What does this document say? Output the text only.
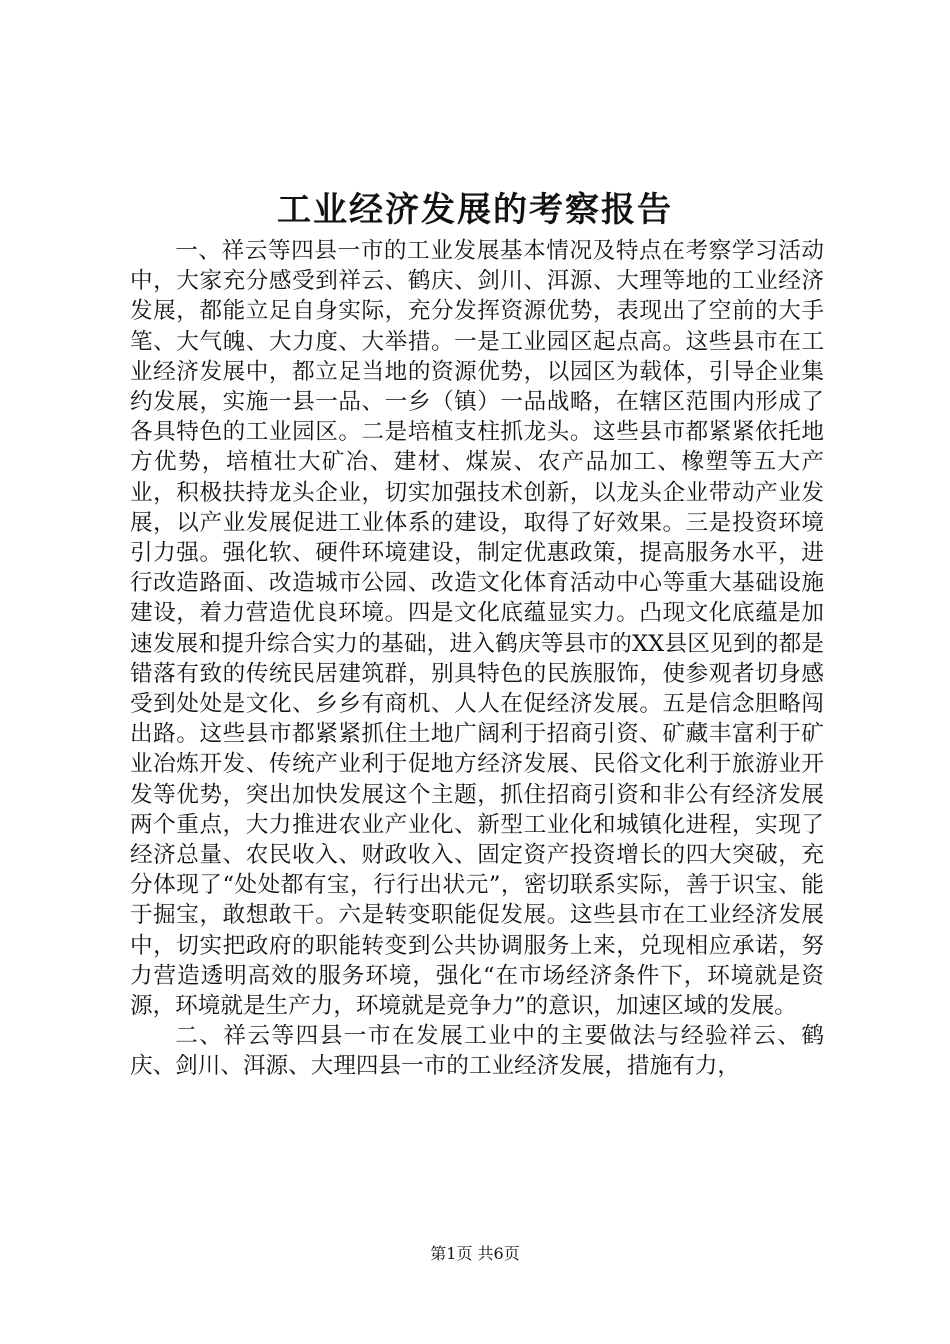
工业经济发展的考察报告

一、祥云等四县一市的工业发展基本情况及特点在考察学习活动中，大家充分感受到祥云、鹤庆、剑川、洱源、大理等地的工业经济发展，都能立足自身实际，充分发挥资源优势，表现出了空前的大手笔、大气魄、大力度、大举措。一是工业园区起点高。这些县市在工业经济发展中，都立足当地的资源优势，以园区为载体，引导企业集约发展，实施一县一品、一乡（镇）一品战略，在辖区范围内形成了各具特色的工业园区。二是培植支柱抓龙头。这些县市都紧紧依托地方优势，培植壮大矿冶、建材、煤炭、农产品加工、橡塑等五大产业，积极扶持龙头企业，切实加强技术创新，以龙头企业带动产业发展，以产业发展促进工业体系的建设，取得了好效果。三是投资环境引力强。强化软、硬件环境建设，制定优惠政策，提高服务水平，进行改造路面、改造城市公园、改造文化体育活动中心等重大基础设施建设，着力营造优良环境。四是文化底蕴显实力。凸现文化底蕴是加速发展和提升综合实力的基础，进入鹤庆等县市的XX县区见到的都是错落有致的传统民居建筑群，别具特色的民族服饰，使参观者切身感受到处处是文化、乡乡有商机、人人在促经济发展。五是信念胆略闯出路。这些县市都紧紧抓住土地广阔利于招商引资、矿藏丰富利于矿业冶炼开发、传统产业利于促地方经济发展、民俗文化利于旅游业开发等优势，突出加快发展这个主题，抓住招商引资和非公有经济发展两个重点，大力推进农业产业化、新型工业化和城镇化进程，实现了经济总量、农民收入、财政收入、固定资产投资增长的四大突破，充分体现了“处处都有宝，行行出状元”，密切联系实际，善于识宝、能于掘宝，敢想敢干。六是转变职能促发展。这些县市在工业经济发展中，切实把政府的职能转变到公共协调服务上来，兑现相应承诺，努力营造透明高效的服务环境，强化“在市场经济条件下，环境就是资源，环境就是生产力，环境就是竞争力”的意识，加速区域的发展。

二、祥云等四县一市在发展工业中的主要做法与经验祥云、鹤庆、剑川、洱源、大理四县一市的工业经济发展，措施有力，

第1页 共6页
